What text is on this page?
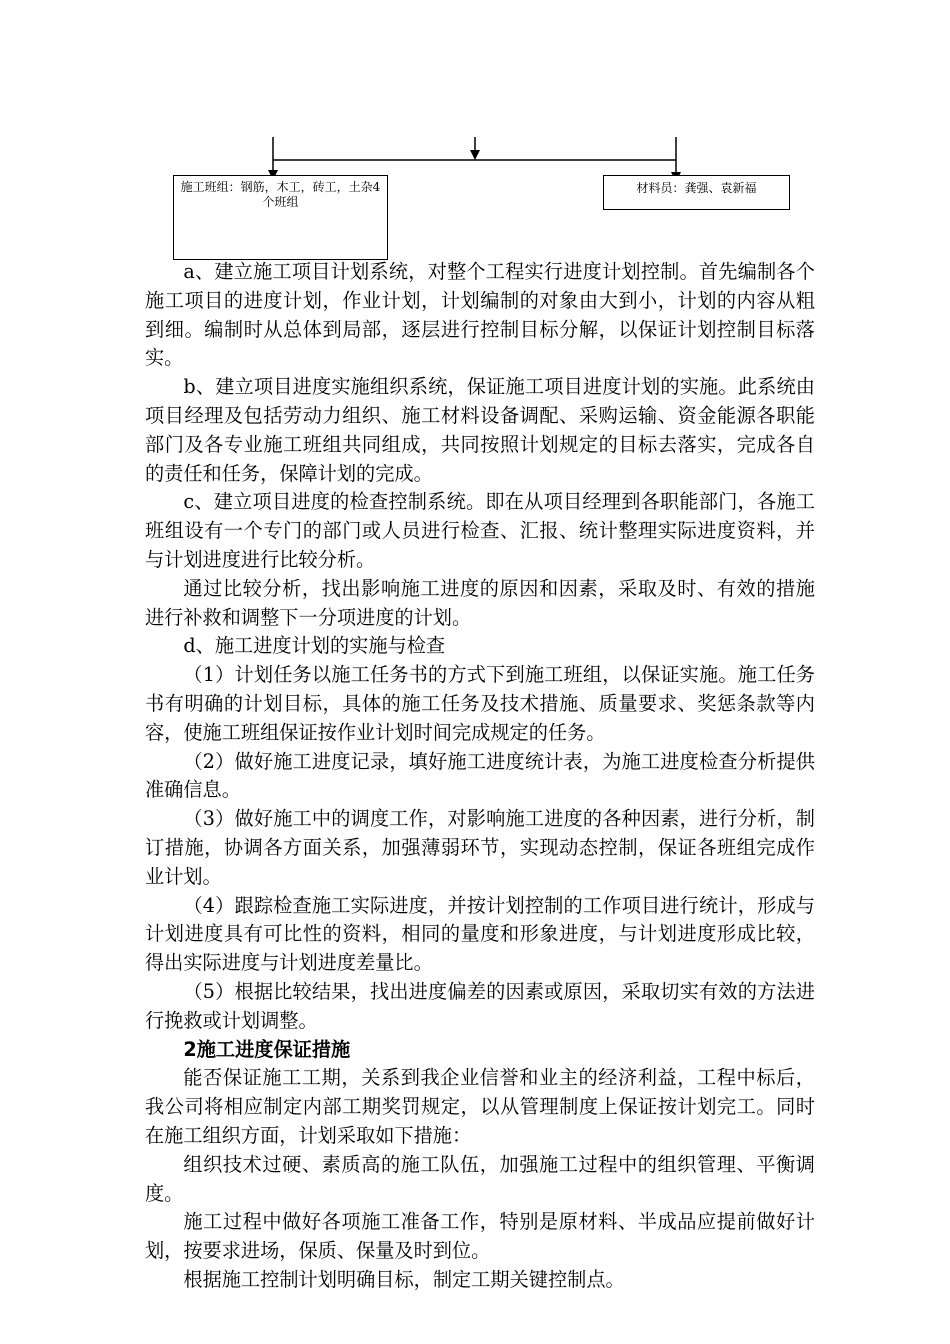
施工班组：钢筋，木工，砖工，土杂4个班组
材料员：龚强、袁新福

a、建立施工项目计划系统，对整个工程实行进度计划控制。首先编制各个施工项目的进度计划，作业计划，计划编制的对象由大到小，计划的内容从粗到细。编制时从总体到局部，逐层进行控制目标分解，以保证计划控制目标落实。

b、建立项目进度实施组织系统，保证施工项目进度计划的实施。此系统由项目经理及包括劳动力组织、施工材料设备调配、采购运输、资金能源各职能部门及各专业施工班组共同组成，共同按照计划规定的目标去落实，完成各自的责任和任务，保障计划的完成。

c、建立项目进度的检查控制系统。即在从项目经理到各职能部门，各施工班组设有一个专门的部门或人员进行检查、汇报、统计整理实际进度资料，并与计划进度进行比较分析。

通过比较分析，找出影响施工进度的原因和因素，采取及时、有效的措施进行补救和调整下一分项进度的计划。

d、施工进度计划的实施与检查

（1）计划任务以施工任务书的方式下到施工班组，以保证实施。施工任务书有明确的计划目标，具体的施工任务及技术措施、质量要求、奖惩条款等内容，使施工班组保证按作业计划时间完成规定的任务。

（2）做好施工进度记录，填好施工进度统计表，为施工进度检查分析提供准确信息。

（3）做好施工中的调度工作，对影响施工进度的各种因素，进行分析，制订措施，协调各方面关系，加强薄弱环节，实现动态控制，保证各班组完成作业计划。

（4）跟踪检查施工实际进度，并按计划控制的工作项目进行统计，形成与计划进度具有可比性的资料，相同的量度和形象进度，与计划进度形成比较，得出实际进度与计划进度差量比。

（5）根据比较结果，找出进度偏差的因素或原因，采取切实有效的方法进行挽救或计划调整。

2施工进度保证措施

能否保证施工工期，关系到我企业信誉和业主的经济利益，工程中标后，我公司将相应制定内部工期奖罚规定，以从管理制度上保证按计划完工。同时在施工组织方面，计划采取如下措施：

组织技术过硬、素质高的施工队伍，加强施工过程中的组织管理、平衡调度。

施工过程中做好各项施工准备工作，特别是原材料、半成品应提前做好计划，按要求进场，保质、保量及时到位。

根据施工控制计划明确目标，制定工期关键控制点。
